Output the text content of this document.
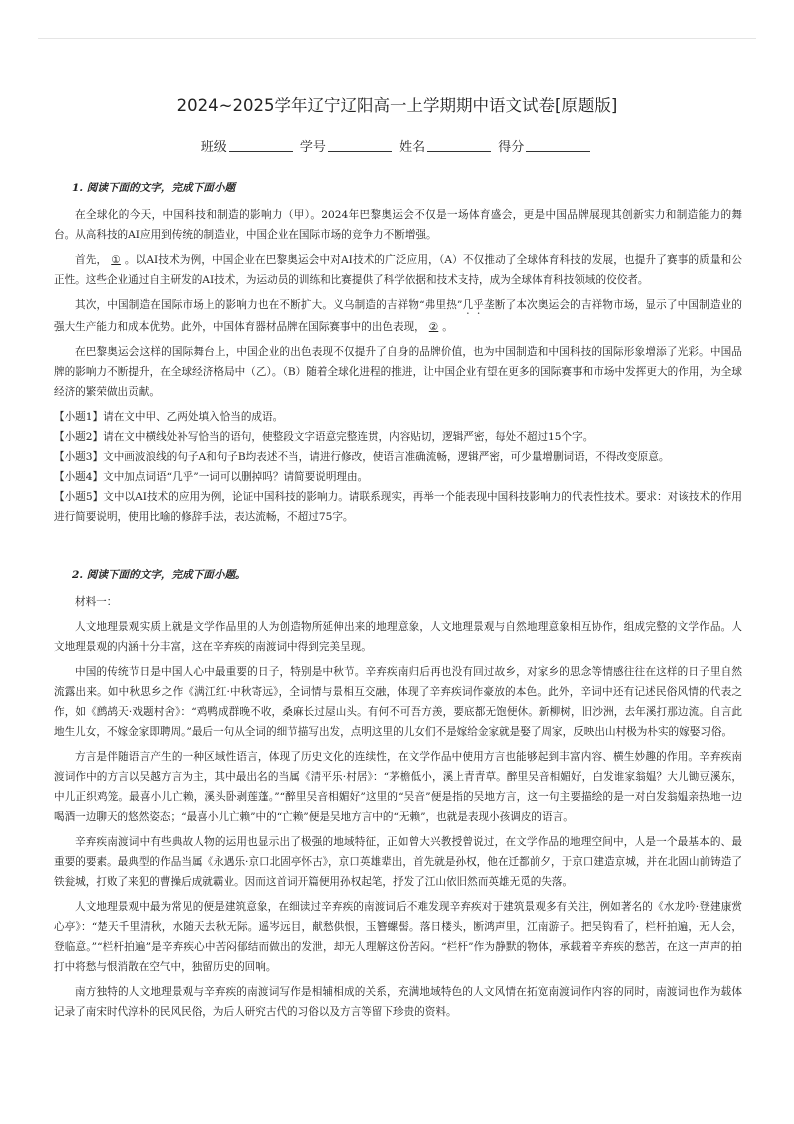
2024~2025学年辽宁辽阳高一上学期期中语文试卷[原题版]
班级	学号	姓名	得分
1. 阅读下面的文字，完成下面小题

在全球化的今天，中国科技和制造的影响力（甲）。2024年巴黎奥运会不仅是一场体育盛会，更是中国品牌展现其创新实力和制造能力的舞台。从高科技的AI应用到传统的制造业，中国企业在国际市场的竞争力不断增强。

首先， ① 。以AI技术为例，中国企业在巴黎奥运会中对AI技术的广泛应用，（A）不仅推动了全球体育科技的发展，也提升了赛事的质量和公正性。这些企业通过自主研发的AI技术，为运动员的训练和比赛提供了科学依据和技术支持，成为全球体育科技领域的佼佼者。

其次，中国制造在国际市场上的影响力也在不断扩大。义乌制造的吉祥物“弗里热”几乎垄断了本次奥运会的吉祥物市场，显示了中国制造业的强大生产能力和成本优势。此外，中国体育器材品牌在国际赛事中的出色表现， ② 。

在巴黎奥运会这样的国际舞台上，中国企业的出色表现不仅提升了自身的品牌价值，也为中国制造和中国科技的国际形象增添了光彩。中国品牌的影响力不断提升，在全球经济格局中（乙）。（B）随着全球化进程的推进，让中国企业有望在更多的国际赛事和市场中发挥更大的作用，为全球经济的繁荣做出贡献。

【小题1】请在文中甲、乙两处填入恰当的成语。

【小题2】请在文中横线处补写恰当的语句，使整段文字语意完整连贯，内容贴切，逻辑严密，每处不超过15个字。

【小题3】文中画波浪线的句子A和句子B均表述不当，请进行修改，使语言准确流畅，逻辑严密，可少量增删词语，不得改变原意。

【小题4】文中加点词语“几乎”一词可以删掉吗？请简要说明理由。

【小题5】文中以AI技术的应用为例，论证中国科技的影响力。请联系现实，再举一个能表现中国科技影响力的代表性技术。要求：对该技术的作用进行简要说明，使用比喻的修辞手法，表达流畅，不超过75字。

2. 阅读下面的文字，完成下面小题。

材料一：

人文地理景观实质上就是文学作品里的人为创造物所延伸出来的地理意象，人文地理景观与自然地理意象相互协作，组成完整的文学作品。人文地理景观的内涵十分丰富，这在辛弃疾的南渡词中得到完美呈现。

中国的传统节日是中国人心中最重要的日子，特别是中秋节。辛弃疾南归后再也没有回过故乡，对家乡的思念等情感往往在这样的日子里自然流露出来。如中秋思乡之作《满江红·中秋寄远》，全词情与景相互交融，体现了辛弃疾词作豪放的本色。此外，辛词中还有记述民俗风情的代表之作，如《鹧鸪天·戏题村舍》：“鸡鸭成群晚不收，桑麻长过屋山头。有何不可吾方羡，要底都无饱便休。新柳树，旧沙洲，去年溪打那边流。自言此地生儿女，不嫁金家即聘周。”最后一句从全词的细节描写出发，点明这里的儿女们不是嫁给金家就是娶了周家，反映出山村极为朴实的嫁娶习俗。

方言是伴随语言产生的一种区域性语言，体现了历史文化的连续性，在文学作品中使用方言也能够起到丰富内容、横生妙趣的作用。辛弃疾南渡词作中的方言以吴越方言为主，其中最出名的当属《清平乐·村居》：“茅檐低小，溪上青青草。醉里吴音相媚好，白发谁家翁媪？大儿锄豆溪东，中儿正织鸡笼。最喜小儿亡赖，溪头卧剥莲蓬。”“醉里吴音相媚好”这里的“吴音”便是指的吴地方言，这一句主要描绘的是一对白发翁媪亲热地一边喝酒一边聊天的悠然姿态；“最喜小儿亡赖”中的“亡赖”便是吴地方言中的“无赖”，也就是表现小孩调皮的语言。

辛弃疾南渡词中有些典故人物的运用也显示出了极强的地域特征，正如曾大兴教授曾说过，在文学作品的地理空间中，人是一个最基本的、最重要的要素。最典型的作品当属《永遇乐·京口北固亭怀古》，京口英雄辈出，首先就是孙权，他在迁都前夕，于京口建造京城，并在北固山前铸造了铁瓮城，打败了来犯的曹操后成就霸业。因而这首词开篇便用孙权起笔，抒发了江山依旧然而英雄无觅的失落。

人文地理景观中最为常见的便是建筑意象，在细读过辛弃疾的南渡词后不难发现辛弃疾对于建筑景观多有关注，例如著名的《水龙吟·登建康赏心亭》：“楚天千里清秋，水随天去秋无际。遥岑远目，献愁供恨，玉簪螺髻。落日楼头，断鸿声里，江南游子。把吴钩看了，栏杆拍遍，无人会，登临意。”“栏杆拍遍”是辛弃疾心中苦闷郁结而做出的发泄，却无人理解这份苦闷。“栏杆”作为静默的物体，承载着辛弃疾的愁苦，在这一声声的拍打中将愁与恨消散在空气中，独留历史的回响。

南方独特的人文地理景观与辛弃疾的南渡词写作是相辅相成的关系，充满地域特色的人文风情在拓宽南渡词作内容的同时，南渡词也作为载体记录了南宋时代淳朴的民风民俗，为后人研究古代的习俗以及方言等留下珍贵的资料。
